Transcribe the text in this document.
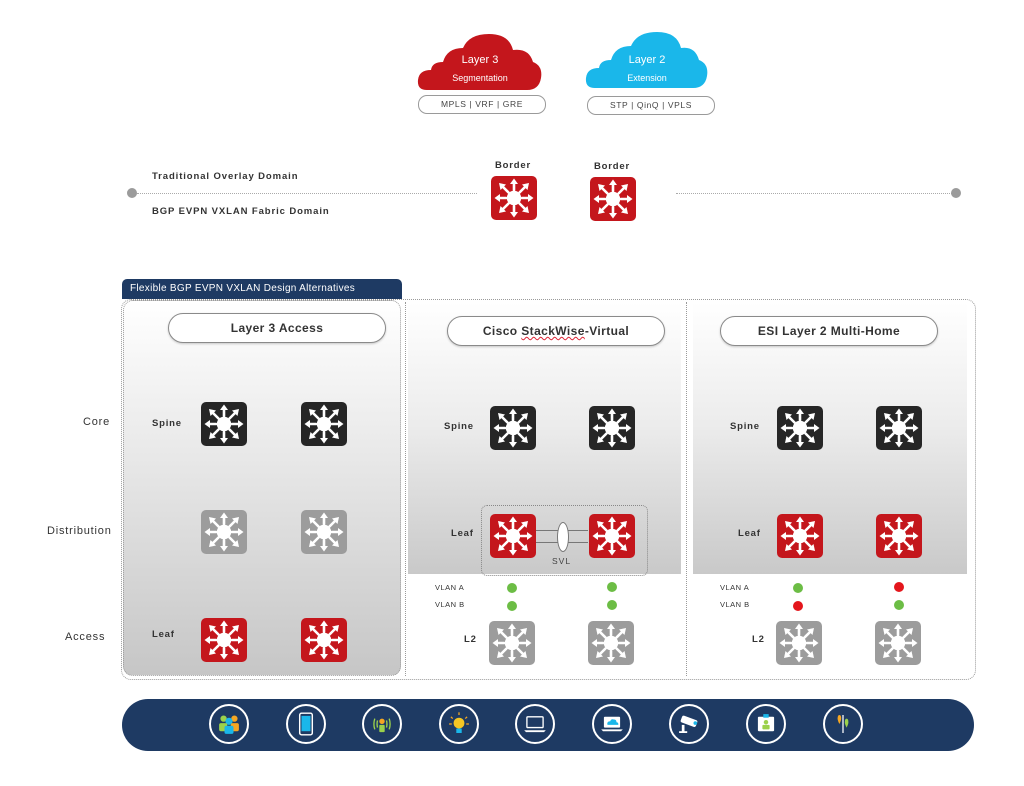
Layer 3
Segmentation
MPLS | VRF | GRE
Layer 2
Extension
STP | QinQ | VPLS
Traditional Overlay Domain
BGP EVPN VXLAN Fabric Domain
Border	Border
Flexible BGP EVPN VXLAN Design Alternatives
Layer 3 Access	Cisco StackWise-Virtual	ESI Layer 2 Multi-Home
Core
Distribution
Access
Spine
Leaf
Spine
Leaf
SVL
VLAN A
VLAN B
L2
Spine
Leaf
VLAN A
VLAN B
L2
